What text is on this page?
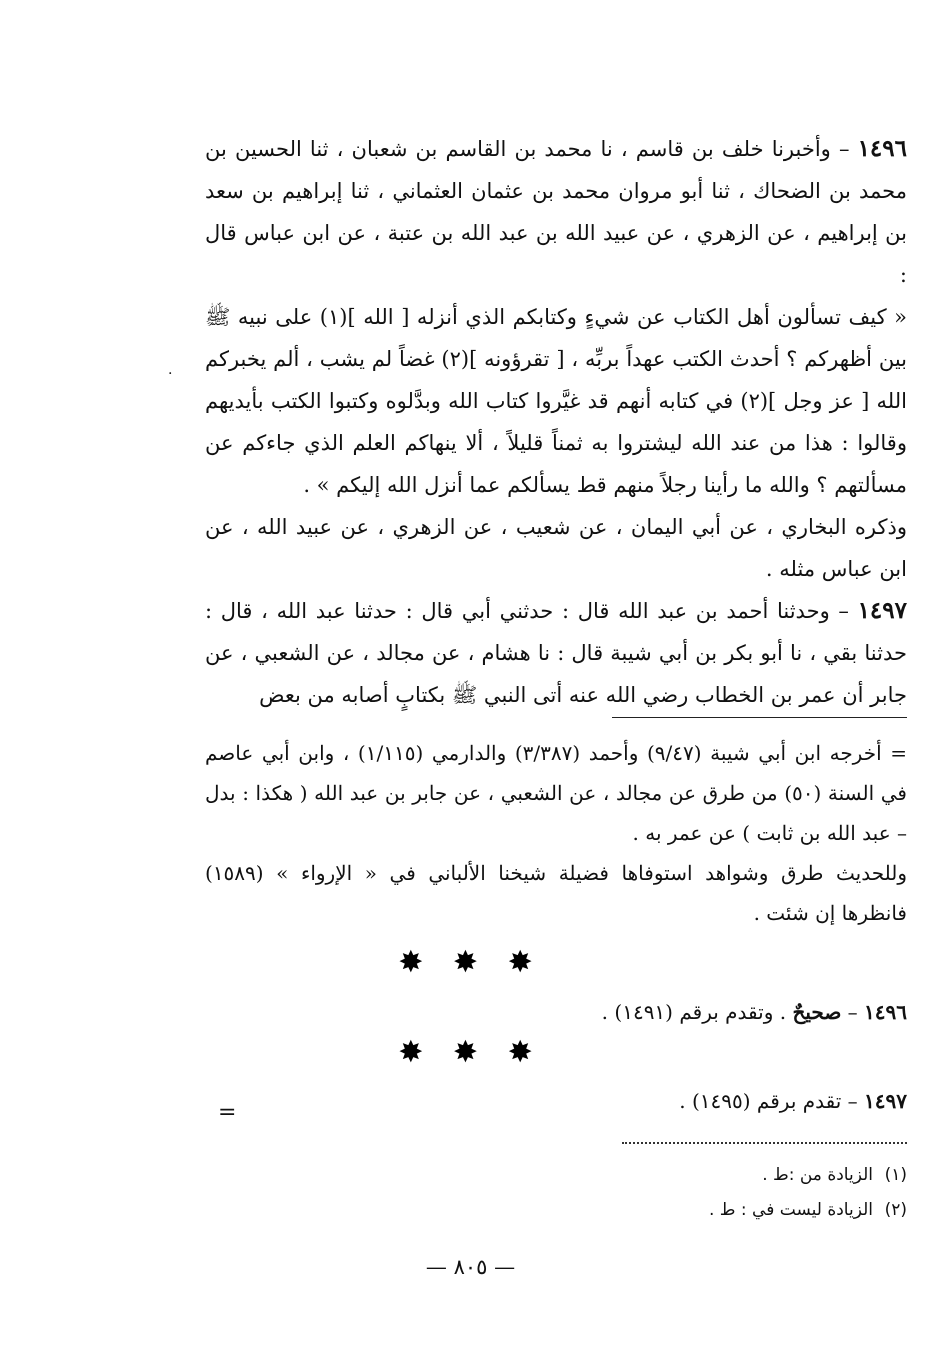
١٤٩٦ – وأخبرنا خلف بن قاسم ، نا محمد بن القاسم بن شعبان ، ثنا الحسين بن محمد بن الضحاك ، ثنا أبو مروان محمد بن عثمان العثماني ، ثنا إبراهيم بن سعد بن إبراهيم ، عن الزهري ، عن عبيد الله بن عبد الله بن عتبة ، عن ابن عباس قال :

« كيف تسألون أهل الكتاب عن شيءٍ وكتابكم الذي أنزله [ الله ](١) على نبيه ﷺ بين أظهركم ؟ أحدث الكتب عهداً بربِّه ، [ تقرؤونه ](٢) غضاً لم يشب ، ألم يخبركم الله [ عز وجل ](٢) في كتابه أنهم قد غيَّروا كتاب الله وبدَّلوه وكتبوا الكتب بأيديهم وقالوا : هذا من عند الله ليشتروا به ثمناً قليلاً ، ألا ينهاكم العلم الذي جاءكم عن مسألتهم ؟ والله ما رأينا رجلاً منهم قط يسألكم عما أنزل الله إليكم » .

وذكره البخاري ، عن أبي اليمان ، عن شعيب ، عن الزهري ، عن عبيد الله ، عن ابن عباس مثله .

١٤٩٧ – وحدثنا أحمد بن عبد الله قال : حدثني أبي قال : حدثنا عبد الله ، قال : حدثنا بقي ، نا أبو بكر بن أبي شيبة قال : نا هشام ، عن مجالد ، عن الشعبي ، عن جابر أن عمر بن الخطاب رضي الله عنه أتى النبي ﷺ بكتابٍ أصابه من بعض

.

= أخرجه ابن أبي شيبة (٩/٤٧) وأحمد (٣/٣٨٧) والدارمي (١/١١٥) ، وابن أبي عاصم في السنة (٥٠) من طرق عن مجالد ، عن الشعبي ، عن جابر بن عبد الله ( هكذا : بدل – عبد الله بن ثابت ) عن عمر به .

وللحديث طرق وشواهد استوفاها فضيلة شيخنا الألباني في « الإرواء » (١٥٨٩) فانظرها إن شئت .

✸ ✸ ✸
١٤٩٦ – صحيحٌ . وتقدم برقم (١٤٩١) .
✸ ✸ ✸
١٤٩٧ – تقدم برقم (١٤٩٥) .
=
(١)الزيادة من :ط .
(٢)الزيادة ليست في : ط .
— ٨٠٥ —
